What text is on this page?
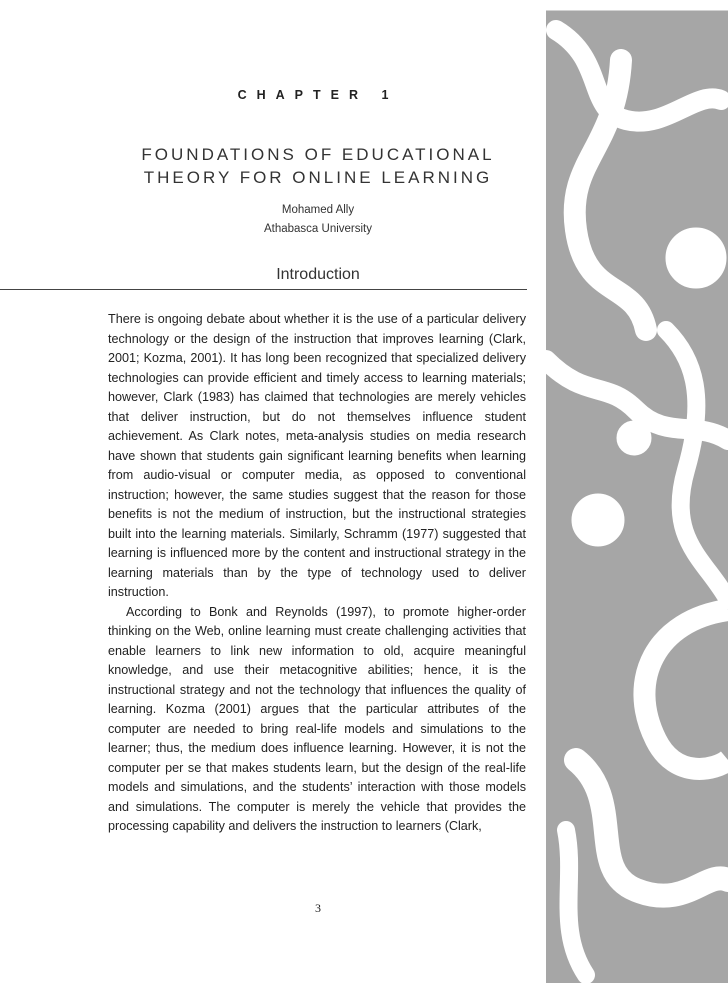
CHAPTER 1
FOUNDATIONS OF EDUCATIONAL
THEORY FOR ONLINE LEARNING
Mohamed Ally
Athabasca University
Introduction

There is ongoing debate about whether it is the use of a particular delivery technology or the design of the instruction that improves learning (Clark, 2001; Kozma, 2001). It has long been recognized that specialized delivery technologies can provide efficient and timely access to learning materials; however, Clark (1983) has claimed that technologies are merely vehicles that deliver instruction, but do not themselves influence student achievement. As Clark notes, meta-analysis studies on media research have shown that students gain significant learning benefits when learning from audio-visual or computer media, as opposed to conventional instruction; however, the same studies suggest that the reason for those benefits is not the medium of instruction, but the instructional strategies built into the learning materials. Similarly, Schramm (1977) suggested that learning is influenced more by the content and instructional strategy in the learning materials than by the type of technology used to deliver instruction.

According to Bonk and Reynolds (1997), to promote higher-order thinking on the Web, online learning must create challenging activities that enable learners to link new information to old, acquire meaningful knowledge, and use their metacognitive abilities; hence, it is the instructional strategy and not the technology that influences the quality of learning. Kozma (2001) argues that the particular attributes of the computer are needed to bring real-life models and simulations to the learner; thus, the medium does influence learning. However, it is not the computer per se that makes students learn, but the design of the real-life models and simulations, and the students’ interaction with those models and simulations. The computer is merely the vehicle that provides the processing capability and delivers the instruction to learners (Clark,

3
